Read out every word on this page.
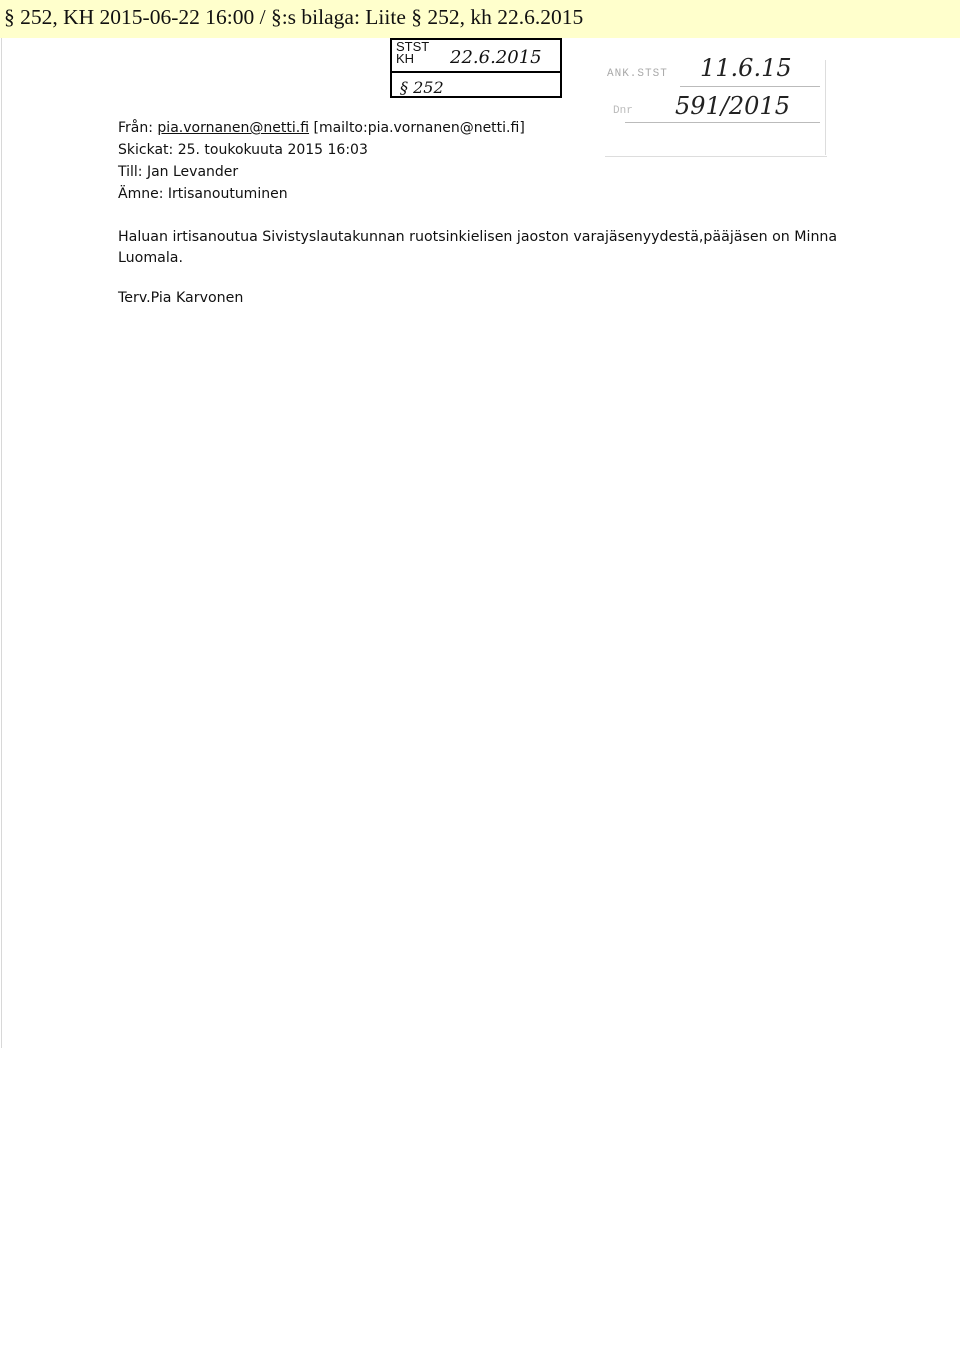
§ 252, KH 2015-06-22 16:00 / §:s bilaga: Liite § 252, kh 22.6.2015
STST
KH	22.6.2015
§ 252
ANK.STST 11.6.15
Dnr 591/2015
Från: pia.vornanen@netti.fi [mailto:pia.vornanen@netti.fi]
Skickat: 25. toukokuuta 2015 16:03
Till: Jan Levander
Ämne: Irtisanoutuminen
Haluan irtisanoutua Sivistyslautakunnan ruotsinkielisen jaoston varajäsenyydestä,pääjäsen on Minna Luomala.
Terv.Pia Karvonen
